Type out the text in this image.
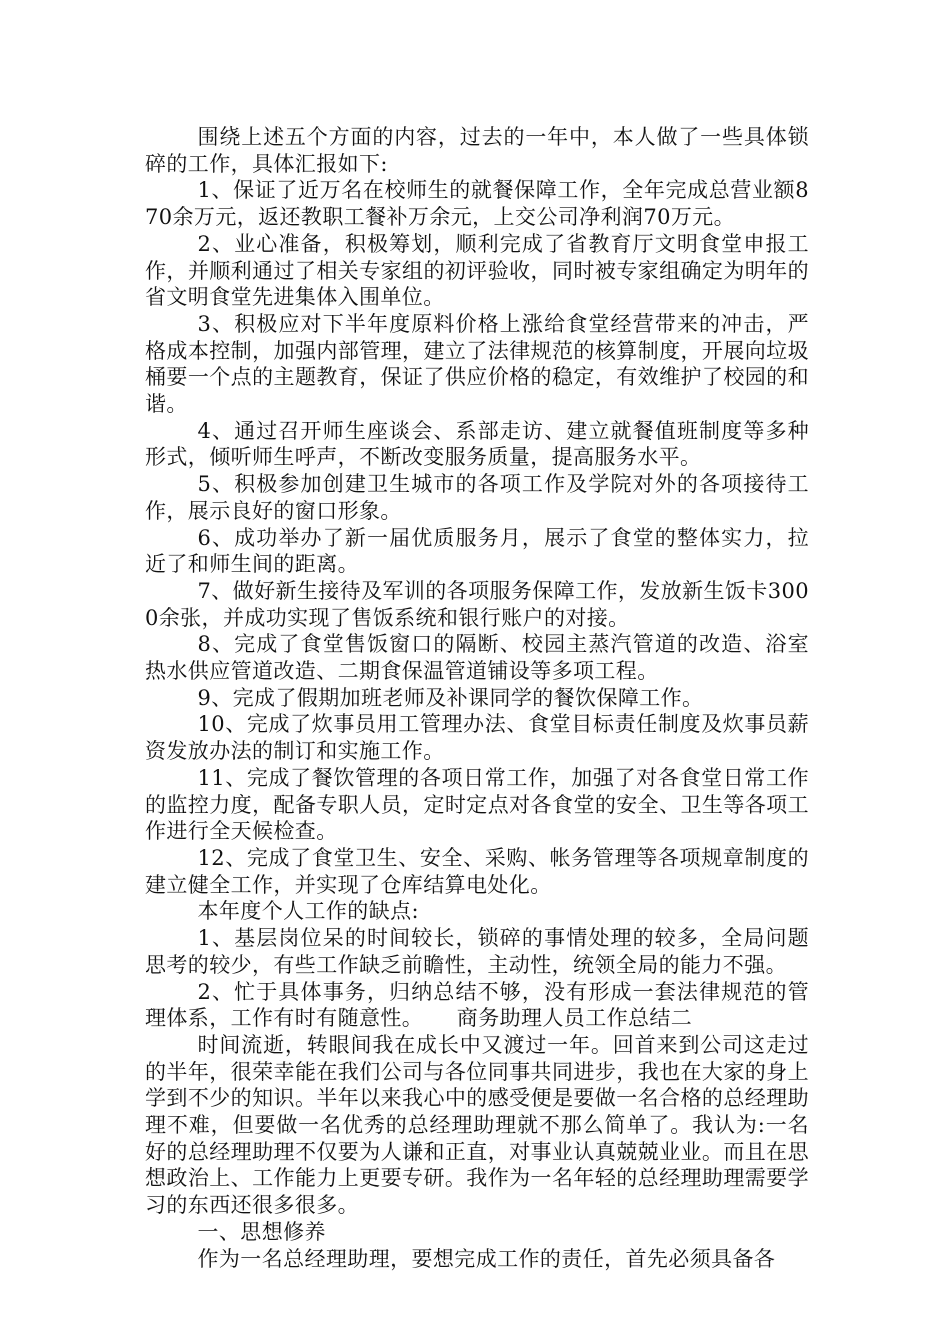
围绕上述五个方面的内容，过去的一年中，本人做了一些具体锁碎的工作，具体汇报如下:

1、保证了近万名在校师生的就餐保障工作，全年完成总营业额870余万元，返还教职工餐补万余元，上交公司净利润70万元。

2、业心准备，积极筹划，顺利完成了省教育厅文明食堂申报工作，并顺利通过了相关专家组的初评验收，同时被专家组确定为明年的省文明食堂先进集体入围单位。

3、积极应对下半年度原料价格上涨给食堂经营带来的冲击，严格成本控制，加强内部管理，建立了法律规范的核算制度，开展向垃圾桶要一个点的主题教育，保证了供应价格的稳定，有效维护了校园的和谐。

4、通过召开师生座谈会、系部走访、建立就餐值班制度等多种形式，倾听师生呼声，不断改变服务质量，提高服务水平。

5、积极参加创建卫生城市的各项工作及学院对外的各项接待工作，展示良好的窗口形象。

6、成功举办了新一届优质服务月，展示了食堂的整体实力，拉近了和师生间的距离。

7、做好新生接待及军训的各项服务保障工作，发放新生饭卡3000余张，并成功实现了售饭系统和银行账户的对接。

8、完成了食堂售饭窗口的隔断、校园主蒸汽管道的改造、浴室热水供应管道改造、二期食保温管道铺设等多项工程。

9、完成了假期加班老师及补课同学的餐饮保障工作。

10、完成了炊事员用工管理办法、食堂目标责任制度及炊事员薪资发放办法的制订和实施工作。

11、完成了餐饮管理的各项日常工作，加强了对各食堂日常工作的监控力度，配备专职人员，定时定点对各食堂的安全、卫生等各项工作进行全天候检查。

12、完成了食堂卫生、安全、采购、帐务管理等各项规章制度的建立健全工作，并实现了仓库结算电处化。

本年度个人工作的缺点:

1、基层岗位呆的时间较长，锁碎的事情处理的较多，全局问题思考的较少，有些工作缺乏前瞻性，主动性，统领全局的能力不强。

2、忙于具体事务，归纳总结不够，没有形成一套法律规范的管理体系，工作有时有随意性。 商务助理人员工作总结二

时间流逝，转眼间我在成长中又渡过一年。回首来到公司这走过的半年，很荣幸能在我们公司与各位同事共同进步，我也在大家的身上学到不少的知识。半年以来我心中的感受便是要做一名合格的总经理助理不难，但要做一名优秀的总经理助理就不那么简单了。我认为:一名好的总经理助理不仅要为人谦和正直，对事业认真兢兢业业。而且在思想政治上、工作能力上更要专研。我作为一名年轻的总经理助理需要学习的东西还很多很多。

一、思想修养

作为一名总经理助理，要想完成工作的责任，首先必须具备各
